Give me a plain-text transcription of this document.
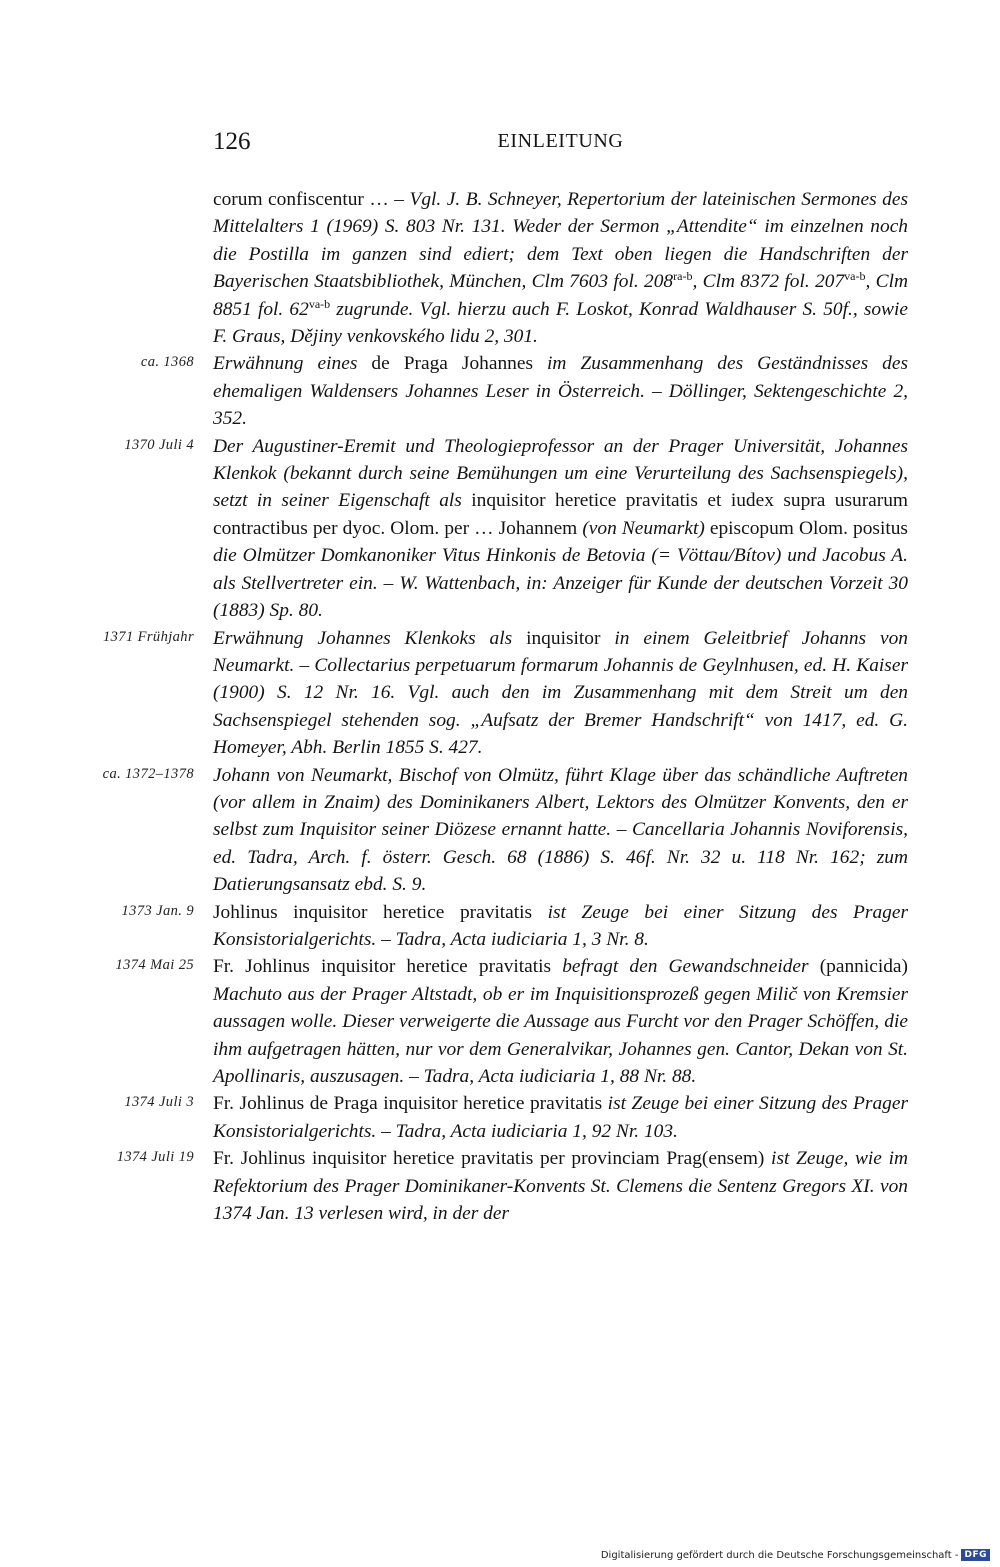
126	EINLEITUNG
corum confiscentur … – Vgl. J. B. Schneyer, Repertorium der lateinischen Sermones des Mittelalters 1 (1969) S. 803 Nr. 131. Weder der Sermon „Attendite“ im einzelnen noch die Postilla im ganzen sind ediert; dem Text oben liegen die Handschriften der Bayerischen Staatsbibliothek, München, Clm 7603 fol. $208^{ra-b}$, Clm 8372 fol. $207^{va-b}$, Clm 8851 fol. $62^{va-b}$ zugrunde. Vgl. hierzu auch F. Loskot, Konrad Waldhauser S. 50f., sowie F. Graus, Dějiny venkovského lidu 2, 301.
ca. 1368 Erwähnung eines de Praga Johannes im Zusammenhang des Geständnisses des ehemaligen Waldensers Johannes Leser in Österreich. – Döllinger, Sektengeschichte 2, 352.
1370 Juli 4 Der Augustiner-Eremit und Theologieprofessor an der Prager Universität, Johannes Klenkok (bekannt durch seine Bemühungen um eine Verurteilung des Sachsenspiegels), setzt in seiner Eigenschaft als inquisitor heretice pravitatis et iudex supra usurarum contractibus per dyoc. Olom. per … Johannem (von Neumarkt) episcopum Olom. positus die Olmützer Domkanoniker Vitus Hinkonis de Betovia (= Vöttau/Bítov) und Jacobus A. als Stellvertreter ein. – W. Wattenbach, in: Anzeiger für Kunde der deutschen Vorzeit 30 (1883) Sp. 80.
1371 Frühjahr Erwähnung Johannes Klenkoks als inquisitor in einem Geleitbrief Johanns von Neumarkt. – Collectarius perpetuarum formarum Johannis de Geylnhusen, ed. H. Kaiser (1900) S. 12 Nr. 16. Vgl. auch den im Zusammenhang mit dem Streit um den Sachsenspiegel stehenden sog. „Aufsatz der Bremer Handschrift“ von 1417, ed. G. Homeyer, Abh. Berlin 1855 S. 427.
ca. 1372–1378 Johann von Neumarkt, Bischof von Olmütz, führt Klage über das schändliche Auftreten (vor allem in Znaim) des Dominikaners Albert, Lektors des Olmützer Konvents, den er selbst zum Inquisitor seiner Diözese ernannt hatte. – Cancellaria Johannis Noviforensis, ed. Tadra, Arch. f. österr. Gesch. 68 (1886) S. 46f. Nr. 32 u. 118 Nr. 162; zum Datierungsansatz ebd. S. 9.
1373 Jan. 9 Johlinus inquisitor heretice pravitatis ist Zeuge bei einer Sitzung des Prager Konsistorialgerichts. – Tadra, Acta iudiciaria 1, 3 Nr. 8.
1374 Mai 25 Fr. Johlinus inquisitor heretice pravitatis befragt den Gewandschneider (pannicida) Machuto aus der Prager Altstadt, ob er im Inquisitionsprozeß gegen Milič von Kremsier aussagen wolle. Dieser verweigerte die Aussage aus Furcht vor den Prager Schöffen, die ihm aufgetragen hätten, nur vor dem Generalvikar, Johannes gen. Cantor, Dekan von St. Apollinaris, auszusagen. – Tadra, Acta iudiciaria 1, 88 Nr. 88.
1374 Juli 3 Fr. Johlinus de Praga inquisitor heretice pravitatis ist Zeuge bei einer Sitzung des Prager Konsistorialgerichts. – Tadra, Acta iudiciaria 1, 92 Nr. 103.
1374 Juli 19 Fr. Johlinus inquisitor heretice pravitatis per provinciam Prag(ensem) ist Zeuge, wie im Refektorium des Prager Dominikaner-Konvents St. Clemens die Sentenz Gregors XI. von 1374 Jan. 13 verlesen wird, in der der
Digitalisierung gefördert durch die Deutsche Forschungsgemeinschaft - DFG
